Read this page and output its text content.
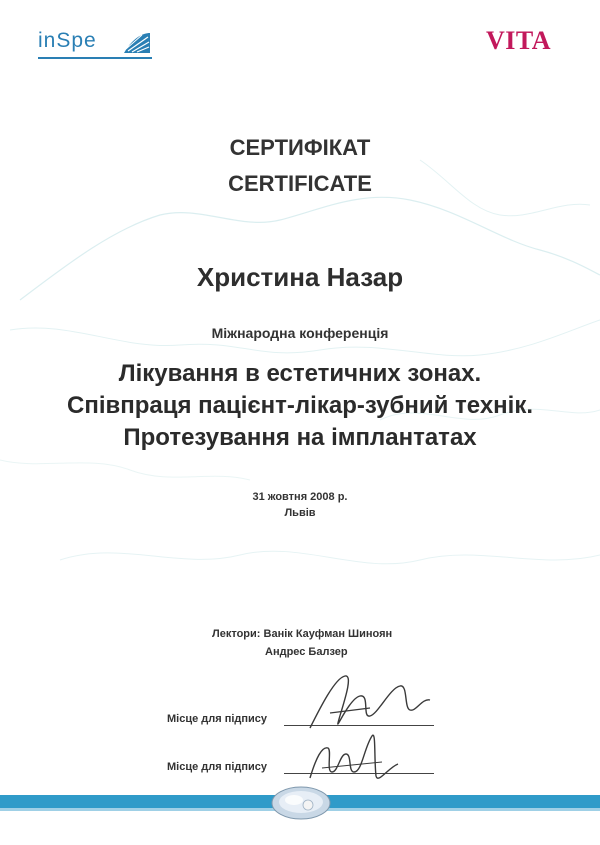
inSpe	VITA
СЕРТИФІКАТ
CERTIFICATE
Христина Назар
Міжнародна конференція
Лікування в естетичних зонах.
Співпраця пацієнт-лікар-зубний технік.
Протезування на імплантатах
31 жовтня 2008 р.
Львів
Лектори: Ванік Кауфман Шиноян
Андрес Балзер
Місце для підпису
Місце для підпису
